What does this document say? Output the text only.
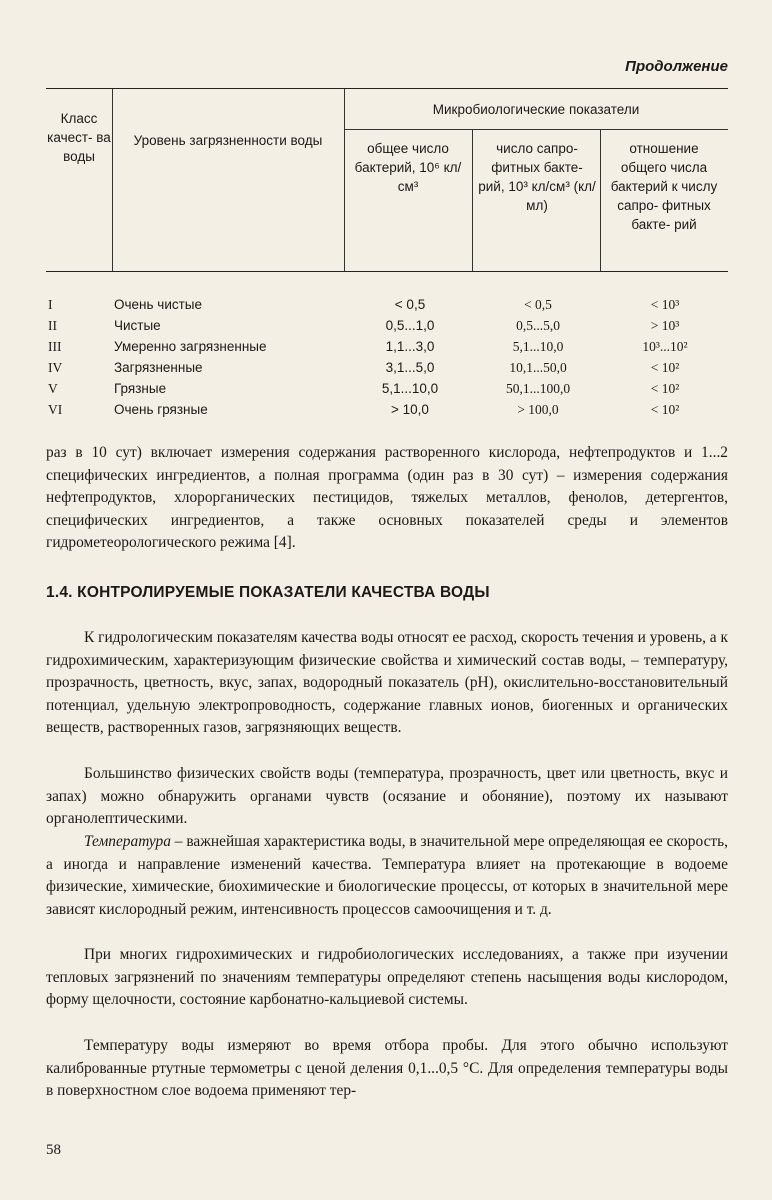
Продолжение
Класс качест- ва воды
Уровень загрязненности воды
Микробиологические показатели
общее число бактерий, 10⁶ кл/см³
число сапро- фитных бакте- рий, 10³ кл/см³ (кл/мл)
отношение общего числа бактерий к числу сапро- фитных бакте- рий
I	Очень чистые	< 0,5	< 0,5	< 10³
II	Чистые	0,5...1,0	0,5...5,0	> 10³
III	Умеренно загрязненные	1,1...3,0	5,1...10,0	10³...10²
IV	Загрязненные	3,1...5,0	10,1...50,0	< 10²
V	Грязные	5,1...10,0	50,1...100,0	< 10²
VI	Очень грязные	> 10,0	> 100,0	< 10²
раз в 10 сут) включает измерения содержания растворенного кислорода, нефтепродуктов и 1...2 специфических ингредиентов, а полная программа (один раз в 30 сут) – измерения содержания нефтепродуктов, хлорорганических пестицидов, тяжелых металлов, фенолов, детергентов, специфических ингредиентов, а также основных показателей среды и элементов гидрометеорологического режима [4].
1.4. КОНТРОЛИРУЕМЫЕ ПОКАЗАТЕЛИ КАЧЕСТВА ВОДЫ
К гидрологическим показателям качества воды относят ее расход, скорость течения и уровень, а к гидрохимическим, характеризующим физические свойства и химический состав воды, – температуру, прозрачность, цветность, вкус, запах, водородный показатель (pH), окислительно-восстановительный потенциал, удельную электропроводность, содержание главных ионов, биогенных и органических веществ, растворенных газов, загрязняющих веществ.
Большинство физических свойств воды (температура, прозрачность, цвет или цветность, вкус и запах) можно обнаружить органами чувств (осязание и обоняние), поэтому их называют органолептическими.
Температура – важнейшая характеристика воды, в значительной мере определяющая ее скорость, а иногда и направление изменений качества. Температура влияет на протекающие в водоеме физические, химические, биохимические и биологические процессы, от которых в значительной мере зависят кислородный режим, интенсивность процессов самоочищения и т. д.
При многих гидрохимических и гидробиологических исследованиях, а также при изучении тепловых загрязнений по значениям температуры определяют степень насыщения воды кислородом, форму щелочности, состояние карбонатно-кальциевой системы.
Температуру воды измеряют во время отбора пробы. Для этого обычно используют калиброванные ртутные термометры с ценой деления 0,1...0,5 °С. Для определения температуры воды в поверхностном слое водоема применяют тер-
58
